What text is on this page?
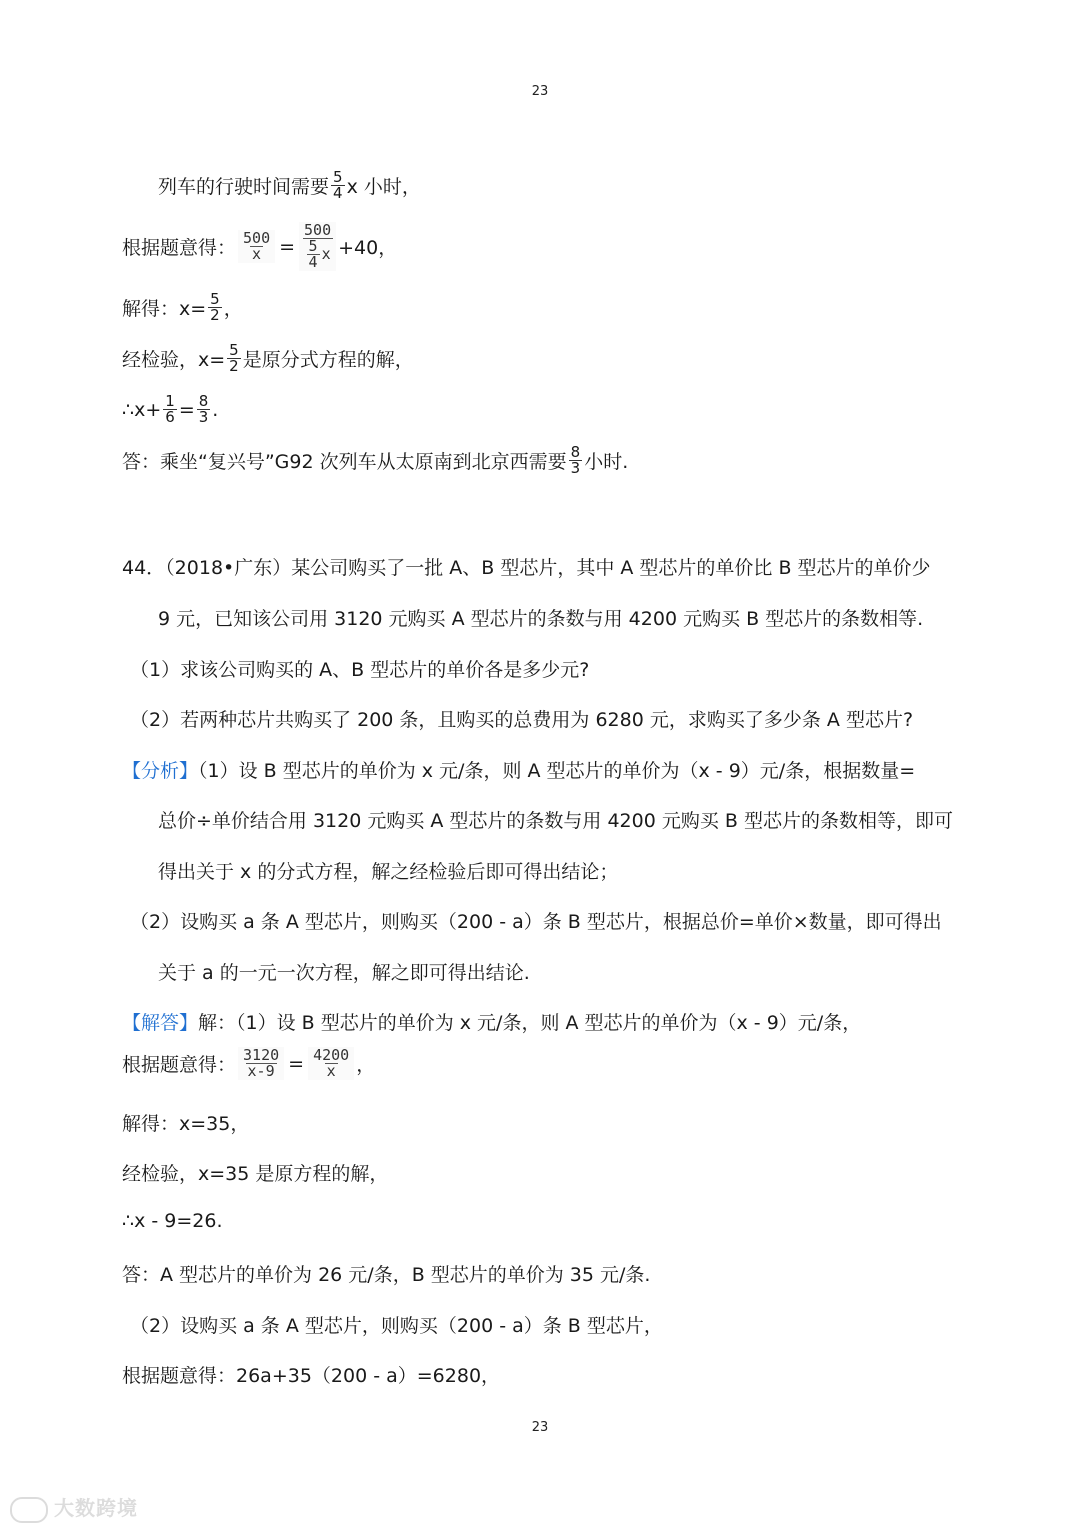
23
23
列车的行驶时间需要 $\frac{5}{4}$ x 小时，
根据题意得： $\frac{500}{x} = \frac{500}{\frac{5}{4} x} +40$，
解得：$x= \frac{5}{2}$ ，
经检验，$x= \frac{5}{2}$ 是原分式方程的解，
∴x+ $\frac{1}{6} = \frac{8}{3}$ .
答：乘坐“复兴号”G92 次列车从太原南到北京西需要 $\frac{8}{3}$ 小时.
44．（2018•广东）某公司购买了一批 A、B 型芯片，其中 A 型芯片的单价比 B 型芯片的单价少
9 元，已知该公司用 3120 元购买 A 型芯片的条数与用 4200 元购买 B 型芯片的条数相等.
（1）求该公司购买的 A、B 型芯片的单价各是多少元?
（2）若两种芯片共购买了 200 条，且购买的总费用为 6280 元，求购买了多少条 A 型芯片?
【分析】（1）设 B 型芯片的单价为 x 元/条，则 A 型芯片的单价为（x - 9）元/条，根据数量=
总价÷单价结合用 3120 元购买 A 型芯片的条数与用 4200 元购买 B 型芯片的条数相等，即可
得出关于 x 的分式方程，解之经检验后即可得出结论；
（2）设购买 a 条 A 型芯片，则购买（200 - a）条 B 型芯片，根据总价=单价×数量，即可得出
关于 a 的一元一次方程，解之即可得出结论.
【解答】解：（1）设 B 型芯片的单价为 x 元/条，则 A 型芯片的单价为（x - 9）元/条，
根据题意得： $\frac{3120}{x-9} = \frac{4200}{x}$ ，
解得：x=35，
经检验，x=35 是原方程的解，
∴x - 9=26.
答：A 型芯片的单价为 26 元/条，B 型芯片的单价为 35 元/条.
（2）设购买 a 条 A 型芯片，则购买（200 - a）条 B 型芯片，
根据题意得：26a+35（200 - a）=6280，
大数跨境
